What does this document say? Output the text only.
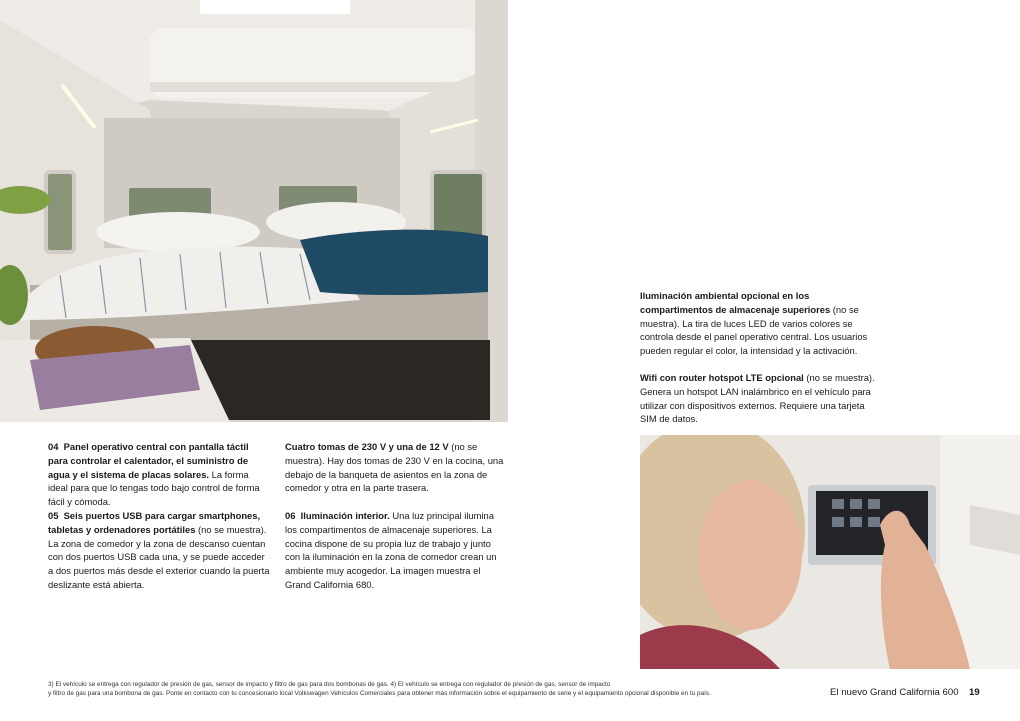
Iluminación ambiental opcional en los compartimentos de almacenaje superiores (no se muestra). La tira de luces LED de varios colores se controla desde el panel operativo central. Los usuarios pueden regular el color, la intensidad y la activación.
Wifi con router hotspot LTE opcional (no se muestra). Genera un hotspot LAN inalámbrico en el vehículo para utilizar con dispositivos externos. Requiere una tarjeta SIM de datos.
04 Panel operativo central con pantalla táctil para controlar el calentador, el suministro de agua y el sistema de placas solares. La forma ideal para que lo tengas todo bajo control de forma fácil y cómoda.
05 Seis puertos USB para cargar smartphones, tabletas y ordenadores portátiles (no se muestra). La zona de comedor y la zona de descanso cuentan con dos puertos USB cada una, y se puede acceder a dos puertos más desde el exterior cuando la puerta deslizante está abierta.
Cuatro tomas de 230 V y una de 12 V (no se muestra). Hay dos tomas de 230 V en la cocina, una debajo de la banqueta de asientos en la zona de comedor y otra en la parte trasera.
06 Iluminación interior. Una luz principal ilumina los compartimentos de almacenaje superiores. La cocina dispone de su propia luz de trabajo y junto con la iluminación en la zona de comedor crean un ambiente muy acogedor. La imagen muestra el Grand California 680.
3) El vehículo se entrega con regulador de presión de gas, sensor de impacto y filtro de gas para dos bombonas de gas. 4) El vehículo se entrega con regulador de presión de gas, sensor de impacto
y filtro de gas para una bombona de gas. Ponte en contacto con tu concesionario local Volkswagen Vehículos Comerciales para obtener más información sobre el equipamiento de serie y el equipamiento opcional disponible en tu país.	El nuevo Grand California 600 19
